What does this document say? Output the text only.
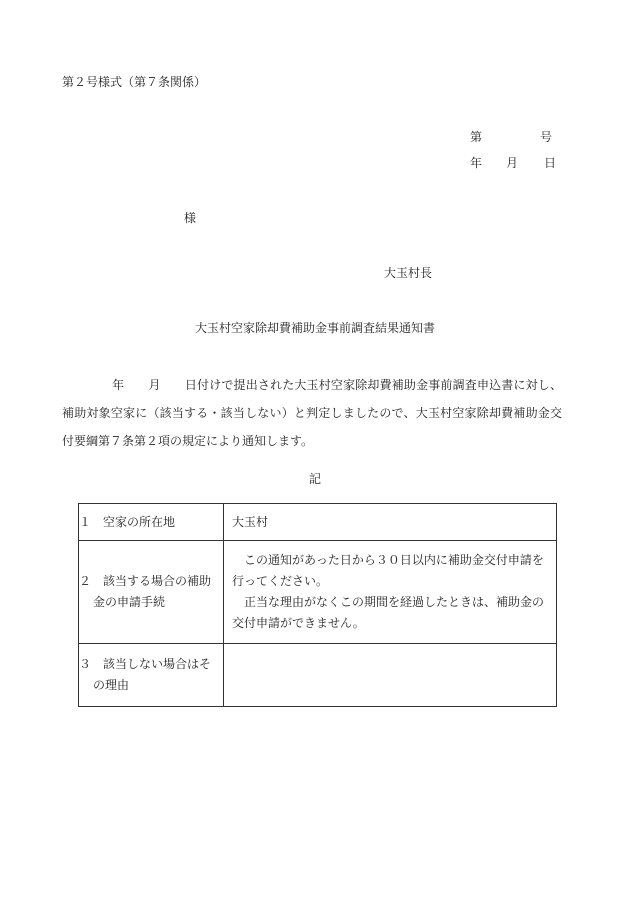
第２号様式（第７条関係）
第	号
年 月 日
様
大玉村長
大玉村空家除却費補助金事前調査結果通知書

年 月 日付けで提出された大玉村空家除却費補助金事前調査申込書に対し、補助対象空家に（該当する・該当しない）と判定しましたので、大玉村空家除却費補助金交付要綱第７条第２項の規定により通知します。

記
１　空家の所在地	大玉村
２　該当する場合の補助金の申請手続	この通知があった日から３０日以内に補助金交付申請を行ってください。
正当な理由がなくこの期間を経過したときは、補助金の交付申請ができません。

３　該当しない場合はその理由	
